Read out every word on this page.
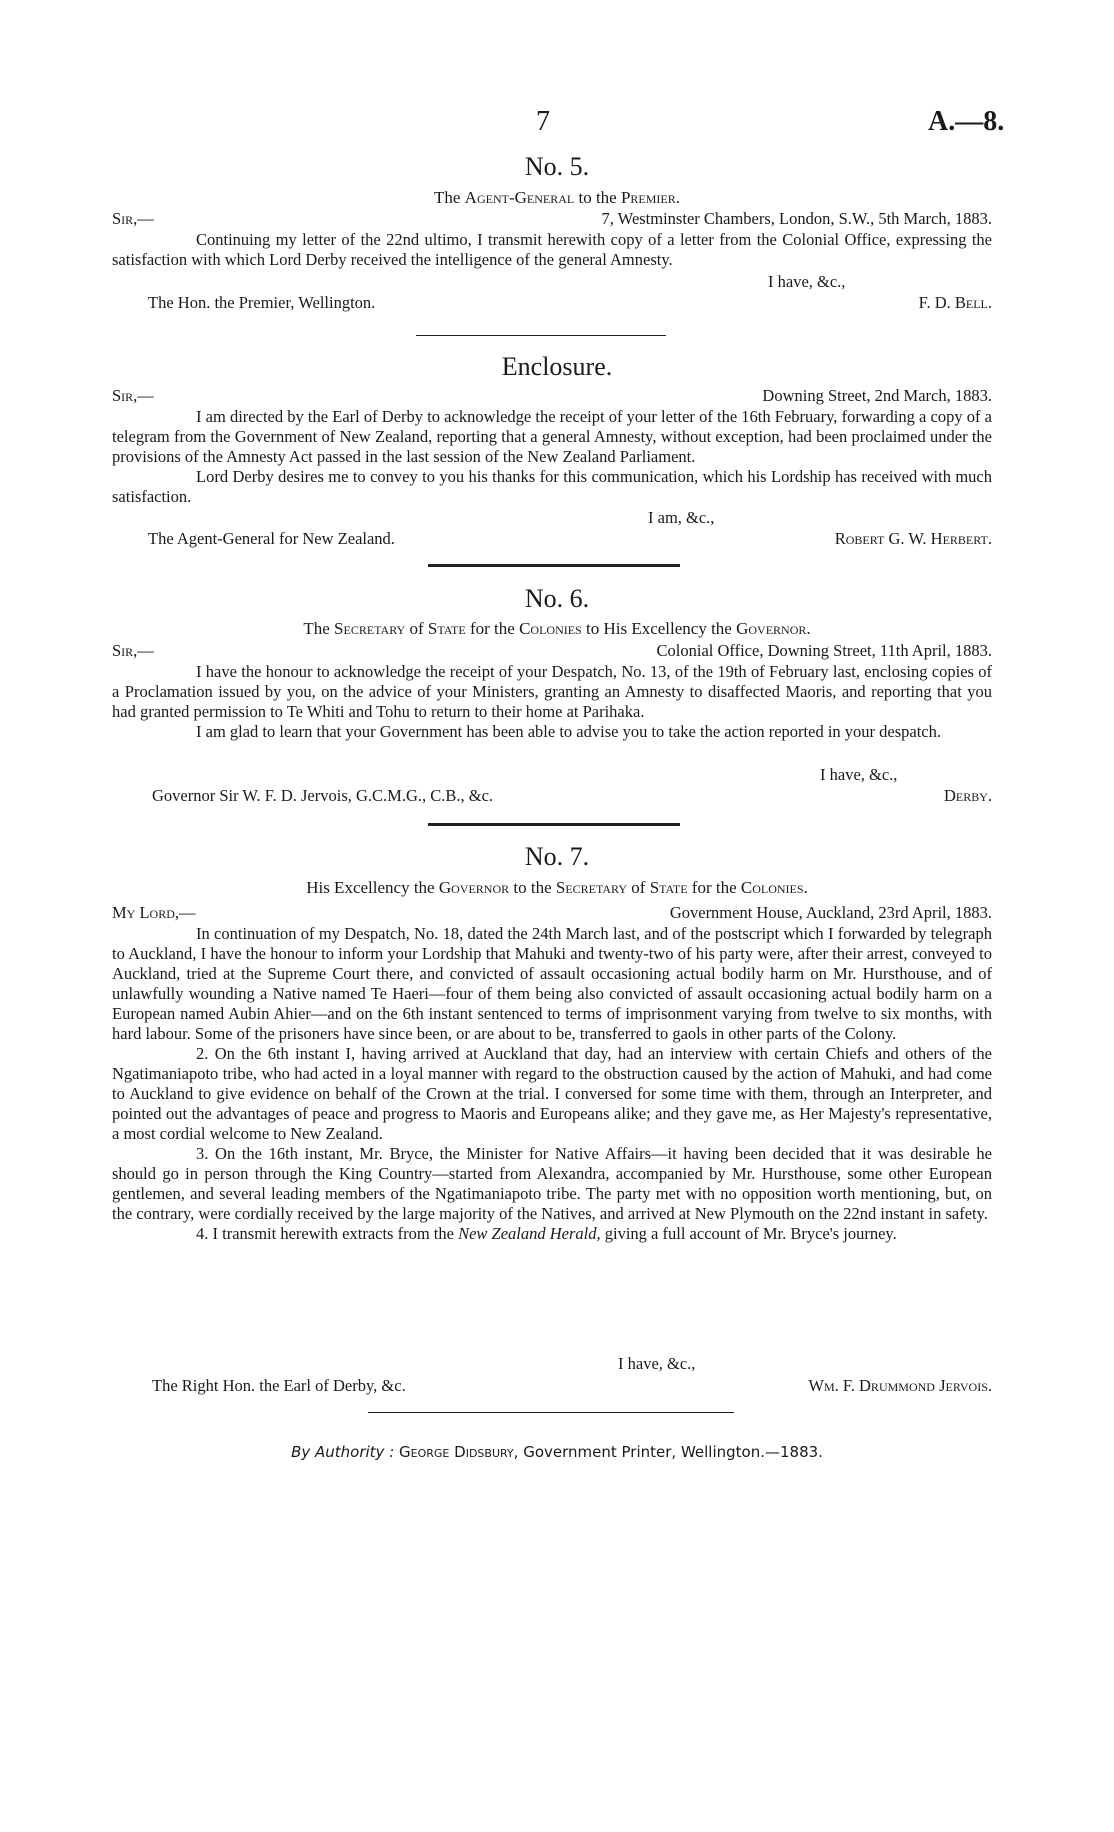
7	A.—8.
No. 5.
The Agent-General to the Premier.
Sir,—	7, Westminster Chambers, London, S.W., 5th March, 1883.

Continuing my letter of the 22nd ultimo, I transmit herewith copy of a letter from the Colonial Office, expressing the satisfaction with which Lord Derby received the intelligence of the general Amnesty.

I have, &c.,
The Hon. the Premier, Wellington.	F. D. Bell.
Enclosure.
Sir,—	Downing Street, 2nd March, 1883.

I am directed by the Earl of Derby to acknowledge the receipt of your letter of the 16th February, forwarding a copy of a telegram from the Government of New Zealand, reporting that a general Amnesty, without exception, had been proclaimed under the provisions of the Amnesty Act passed in the last session of the New Zealand Parliament.

Lord Derby desires me to convey to you his thanks for this communication, which his Lordship has received with much satisfaction.

I am, &c.,
The Agent-General for New Zealand.	Robert G. W. Herbert.
No. 6.
The Secretary of State for the Colonies to His Excellency the Governor.
Sir,—	Colonial Office, Downing Street, 11th April, 1883.

I have the honour to acknowledge the receipt of your Despatch, No. 13, of the 19th of February last, enclosing copies of a Proclamation issued by you, on the advice of your Ministers, granting an Amnesty to disaffected Maoris, and reporting that you had granted permission to Te Whiti and Tohu to return to their home at Parihaka.

I am glad to learn that your Government has been able to advise you to take the action reported in your despatch.

I have, &c.,
Governor Sir W. F. D. Jervois, G.C.M.G., C.B., &c.	Derby.
No. 7.
His Excellency the Governor to the Secretary of State for the Colonies.
My Lord,—	Government House, Auckland, 23rd April, 1883.

In continuation of my Despatch, No. 18, dated the 24th March last, and of the postscript which I forwarded by telegraph to Auckland, I have the honour to inform your Lordship that Mahuki and twenty-two of his party were, after their arrest, conveyed to Auckland, tried at the Supreme Court there, and convicted of assault occasioning actual bodily harm on Mr. Hursthouse, and of unlawfully wounding a Native named Te Haeri—four of them being also convicted of assault occasioning actual bodily harm on a European named Aubin Ahier—and on the 6th instant sentenced to terms of imprisonment varying from twelve to six months, with hard labour. Some of the prisoners have since been, or are about to be, transferred to gaols in other parts of the Colony.

2. On the 6th instant I, having arrived at Auckland that day, had an interview with certain Chiefs and others of the Ngatimaniapoto tribe, who had acted in a loyal manner with regard to the obstruction caused by the action of Mahuki, and had come to Auckland to give evidence on behalf of the Crown at the trial. I conversed for some time with them, through an Interpreter, and pointed out the advantages of peace and progress to Maoris and Europeans alike; and they gave me, as Her Majesty's representative, a most cordial welcome to New Zealand.

3. On the 16th instant, Mr. Bryce, the Minister for Native Affairs—it having been decided that it was desirable he should go in person through the King Country—started from Alexandra, accompanied by Mr. Hursthouse, some other European gentlemen, and several leading members of the Ngatimaniapoto tribe. The party met with no opposition worth mentioning, but, on the contrary, were cordially received by the large majority of the Natives, and arrived at New Plymouth on the 22nd instant in safety.

4. I transmit herewith extracts from the New Zealand Herald, giving a full account of Mr. Bryce's journey.

I have, &c.,
The Right Hon. the Earl of Derby, &c.	Wm. F. Drummond Jervois.
By Authority : George Didsbury, Government Printer, Wellington.—1883.
